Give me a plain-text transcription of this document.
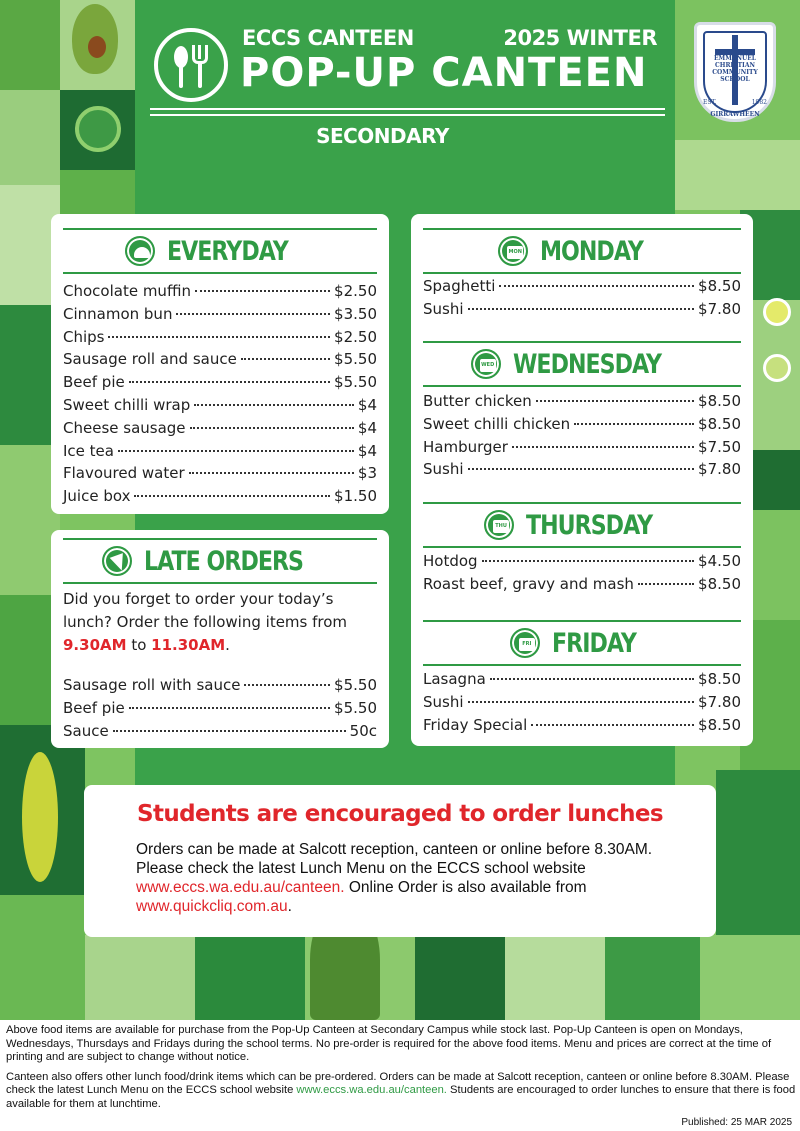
ECCS CANTEEN	2025 WINTER
POP-UP CANTEEN
SECONDARY
EMMANUEL
CHRISTIAN
COMMUNITY
SCHOOL
EST.	1982
GIRRAWHEEN
EVERYDAY
Chocolate muffin	$2.50
Cinnamon bun	$3.50
Chips	$2.50
Sausage roll and sauce	$5.50
Beef pie	$5.50
Sweet chilli wrap	$4
Cheese sausage	$4
Ice tea	$4
Flavoured water	$3
Juice box	$1.50
LATE ORDERS
Did you forget to order your today’s lunch? Order the following items from 9.30AM to 11.30AM.
Sausage roll with sauce	$5.50
Beef pie	$5.50
Sauce	50c
MON MONDAY
Spaghetti	$8.50
Sushi	$7.80
WED WEDNESDAY
Butter chicken	$8.50
Sweet chilli chicken	$8.50
Hamburger	$7.50
Sushi	$7.80
THU THURSDAY
Hotdog	$4.50
Roast beef, gravy and mash	$8.50
FRI FRIDAY
Lasagna	$8.50
Sushi	$7.80
Friday Special	$8.50
Students are encouraged to order lunches
Orders can be made at Salcott reception, canteen or online before 8.30AM. Please check the latest Lunch Menu on the ECCS school website www.eccs.wa.edu.au/canteen. Online Order is also available from www.quickcliq.com.au.

Above food items are available for purchase from the Pop-Up Canteen at Secondary Campus while stock last. Pop-Up Canteen is open on Mondays, Wednesdays, Thursdays and Fridays during the school terms. No pre-order is required for the above food items. Menu and prices are correct at the time of printing and are subject to change without notice.

Canteen also offers other lunch food/drink items which can be pre-ordered. Orders can be made at Salcott reception, canteen or online before 8.30AM. Please check the latest Lunch Menu on the ECCS school website www.eccs.wa.edu.au/canteen. Students are encouraged to order lunches to ensure that there is food available for them at lunchtime.

Published: 25 MAR 2025
